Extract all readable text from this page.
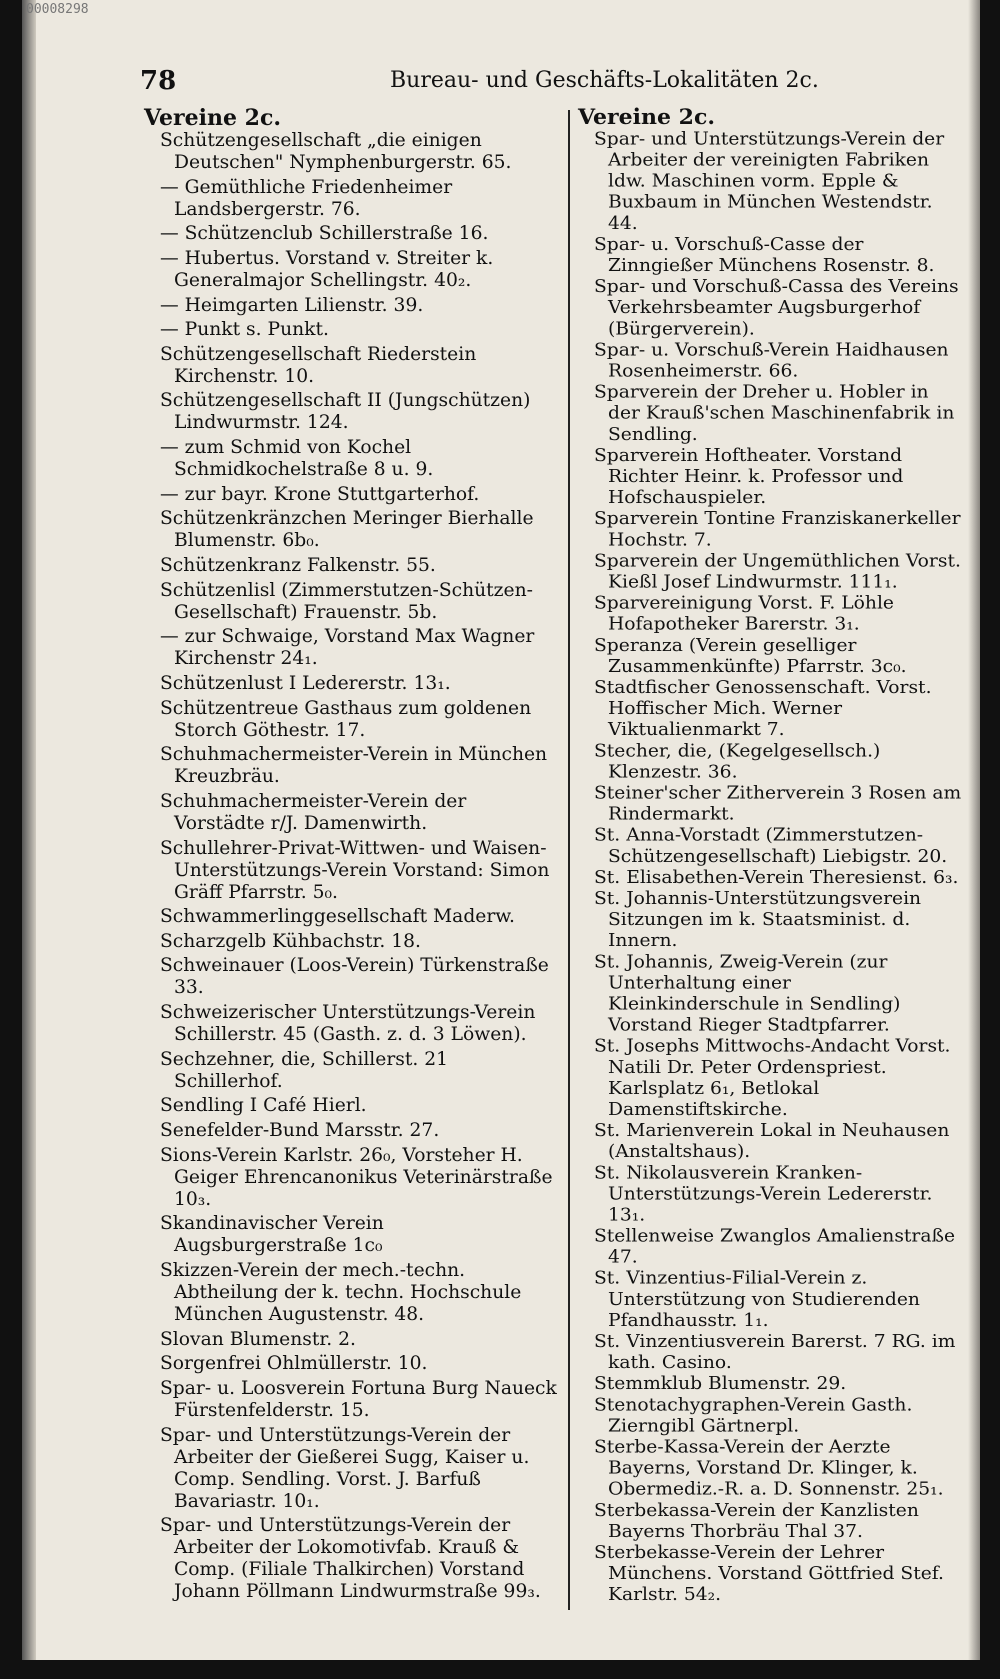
00008298
78	Bureau- und Geschäfts-Lokalitäten 2c.
Vereine 2c.

Schützengesellschaft „die einigen Deutschen" Nymphenburgerstr. 65.

— Gemüthliche Friedenheimer Landsbergerstr. 76.

— Schützenclub Schillerstraße 16.

— Hubertus. Vorstand v. Streiter k. Generalmajor Schellingstr. 40₂.

— Heimgarten Lilienstr. 39.

— Punkt s. Punkt.

Schützengesellschaft Riederstein Kirchenstr. 10.

Schützengesellschaft II (Jungschützen) Lindwurmstr. 124.

— zum Schmid von Kochel Schmidkochelstraße 8 u. 9.

— zur bayr. Krone Stuttgarterhof.

Schützenkränzchen Meringer Bierhalle Blumenstr. 6b₀.

Schützenkranz Falkenstr. 55.

Schützenlisl (Zimmerstutzen-Schützen-Gesellschaft) Frauenstr. 5b.

— zur Schwaige, Vorstand Max Wagner Kirchenstr 24₁.

Schützenlust I Ledererstr. 13₁.

Schützentreue Gasthaus zum goldenen Storch Göthestr. 17.

Schuhmachermeister-Verein in München Kreuzbräu.

Schuhmachermeister-Verein der Vorstädte r/J. Damenwirth.

Schullehrer-Privat-Wittwen- und Waisen-Unterstützungs-Verein Vorstand: Simon Gräff Pfarrstr. 5₀.

Schwammerlinggesellschaft Maderw.

Scharzgelb Kühbachstr. 18.

Schweinauer (Loos-Verein) Türkenstraße 33.

Schweizerischer Unterstützungs-Verein Schillerstr. 45 (Gasth. z. d. 3 Löwen).

Sechzehner, die, Schillerst. 21 Schillerhof.

Sendling I Café Hierl.

Senefelder-Bund Marsstr. 27.

Sions-Verein Karlstr. 26₀, Vorsteher H. Geiger Ehrencanonikus Veterinärstraße 10₃.

Skandinavischer Verein Augsburgerstraße 1c₀

Skizzen-Verein der mech.-techn. Abtheilung der k. techn. Hochschule München Augustenstr. 48.

Slovan Blumenstr. 2.

Sorgenfrei Ohlmüllerstr. 10.

Spar- u. Loosverein Fortuna Burg Naueck Fürstenfelderstr. 15.

Spar- und Unterstützungs-Verein der Arbeiter der Gießerei Sugg, Kaiser u. Comp. Sendling. Vorst. J. Barfuß Bavariastr. 10₁.

Spar- und Unterstützungs-Verein der Arbeiter der Lokomotivfab. Krauß & Comp. (Filiale Thalkirchen) Vorstand Johann Pöllmann Lindwurmstraße 99₃.

Vereine 2c.

Spar- und Unterstützungs-Verein der Arbeiter der vereinigten Fabriken ldw. Maschinen vorm. Epple & Buxbaum in München Westendstr. 44.

Spar- u. Vorschuß-Casse der Zinngießer Münchens Rosenstr. 8.

Spar- und Vorschuß-Cassa des Vereins Verkehrsbeamter Augsburgerhof (Bürgerverein).

Spar- u. Vorschuß-Verein Haidhausen Rosenheimerstr. 66.

Sparverein der Dreher u. Hobler in der Krauß'schen Maschinenfabrik in Sendling.

Sparverein Hoftheater. Vorstand Richter Heinr. k. Professor und Hofschauspieler.

Sparverein Tontine Franziskanerkeller Hochstr. 7.

Sparverein der Ungemüthlichen Vorst. Kießl Josef Lindwurmstr. 111₁.

Sparvereinigung Vorst. F. Löhle Hofapotheker Barerstr. 3₁.

Speranza (Verein geselliger Zusammenkünfte) Pfarrstr. 3c₀.

Stadtfischer Genossenschaft. Vorst. Hoffischer Mich. Werner Viktualienmarkt 7.

Stecher, die, (Kegelgesellsch.) Klenzestr. 36.

Steiner'scher Zitherverein 3 Rosen am Rindermarkt.

St. Anna-Vorstadt (Zimmerstutzen-Schützengesellschaft) Liebigstr. 20.

St. Elisabethen-Verein Theresienst. 6₃.

St. Johannis-Unterstützungsverein Sitzungen im k. Staatsminist. d. Innern.

St. Johannis, Zweig-Verein (zur Unterhaltung einer Kleinkinderschule in Sendling) Vorstand Rieger Stadtpfarrer.

St. Josephs Mittwochs-Andacht Vorst. Natili Dr. Peter Ordenspriest. Karlsplatz 6₁, Betlokal Damenstiftskirche.

St. Marienverein Lokal in Neuhausen (Anstaltshaus).

St. Nikolausverein Kranken- Unterstützungs-Verein Ledererstr. 13₁.

Stellenweise Zwanglos Amalienstraße 47.

St. Vinzentius-Filial-Verein z. Unterstützung von Studierenden Pfandhausstr. 1₁.

St. Vinzentiusverein Barerst. 7 RG. im kath. Casino.

Stemmklub Blumenstr. 29.

Stenotachygraphen-Verein Gasth. Zierngibl Gärtnerpl.

Sterbe-Kassa-Verein der Aerzte Bayerns, Vorstand Dr. Klinger, k. Obermediz.-R. a. D. Sonnenstr. 25₁.

Sterbekassa-Verein der Kanzlisten Bayerns Thorbräu Thal 37.

Sterbekasse-Verein der Lehrer Münchens. Vorstand Göttfried Stef. Karlstr. 54₂.
